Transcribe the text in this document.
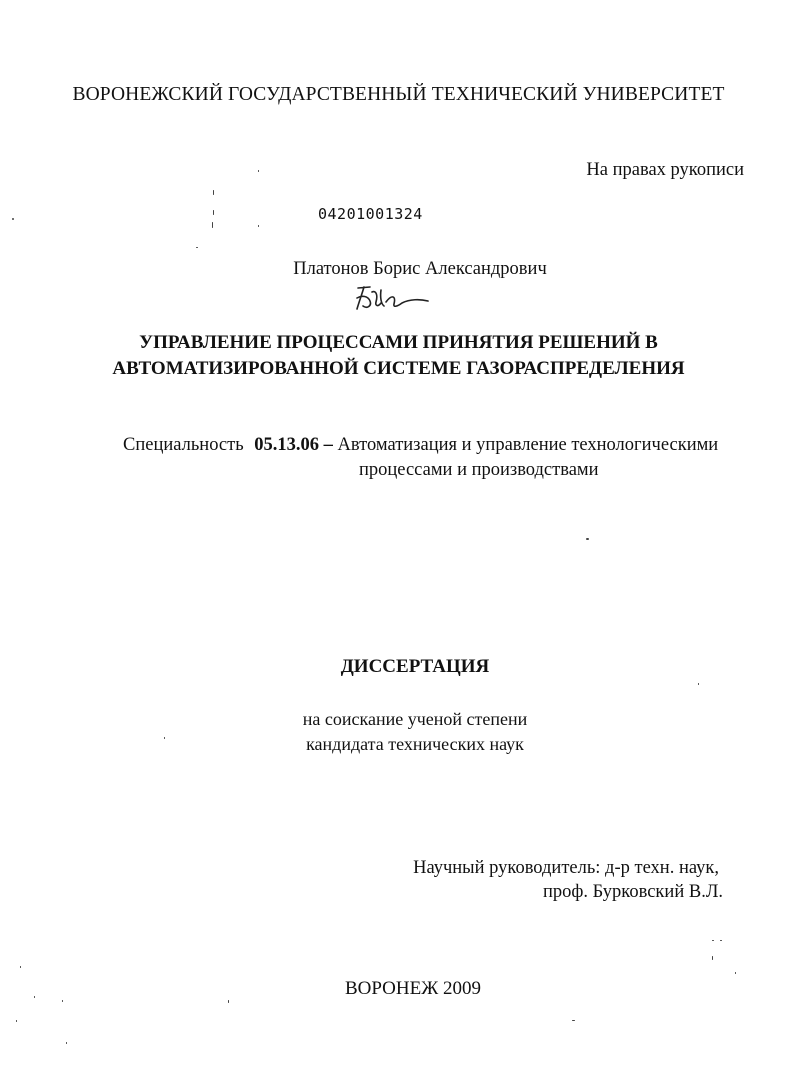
ВОРОНЕЖСКИЙ ГОСУДАРСТВЕННЫЙ ТЕХНИЧЕСКИЙ УНИВЕРСИТЕТ
На правах рукописи
04201001324
Платонов Борис Александрович
УПРАВЛЕНИЕ ПРОЦЕССАМИ ПРИНЯТИЯ РЕШЕНИЙ В
АВТОМАТИЗИРОВАННОЙ СИСТЕМЕ ГАЗОРАСПРЕДЕЛЕНИЯ
Специальность 05.13.06 – Автоматизация и управление технологическими
процессами и производствами
ДИССЕРТАЦИЯ
на соискание ученой степени
кандидата технических наук
Научный руководитель: д-р техн. наук,
проф. Бурковский В.Л.
ВОРОНЕЖ 2009
